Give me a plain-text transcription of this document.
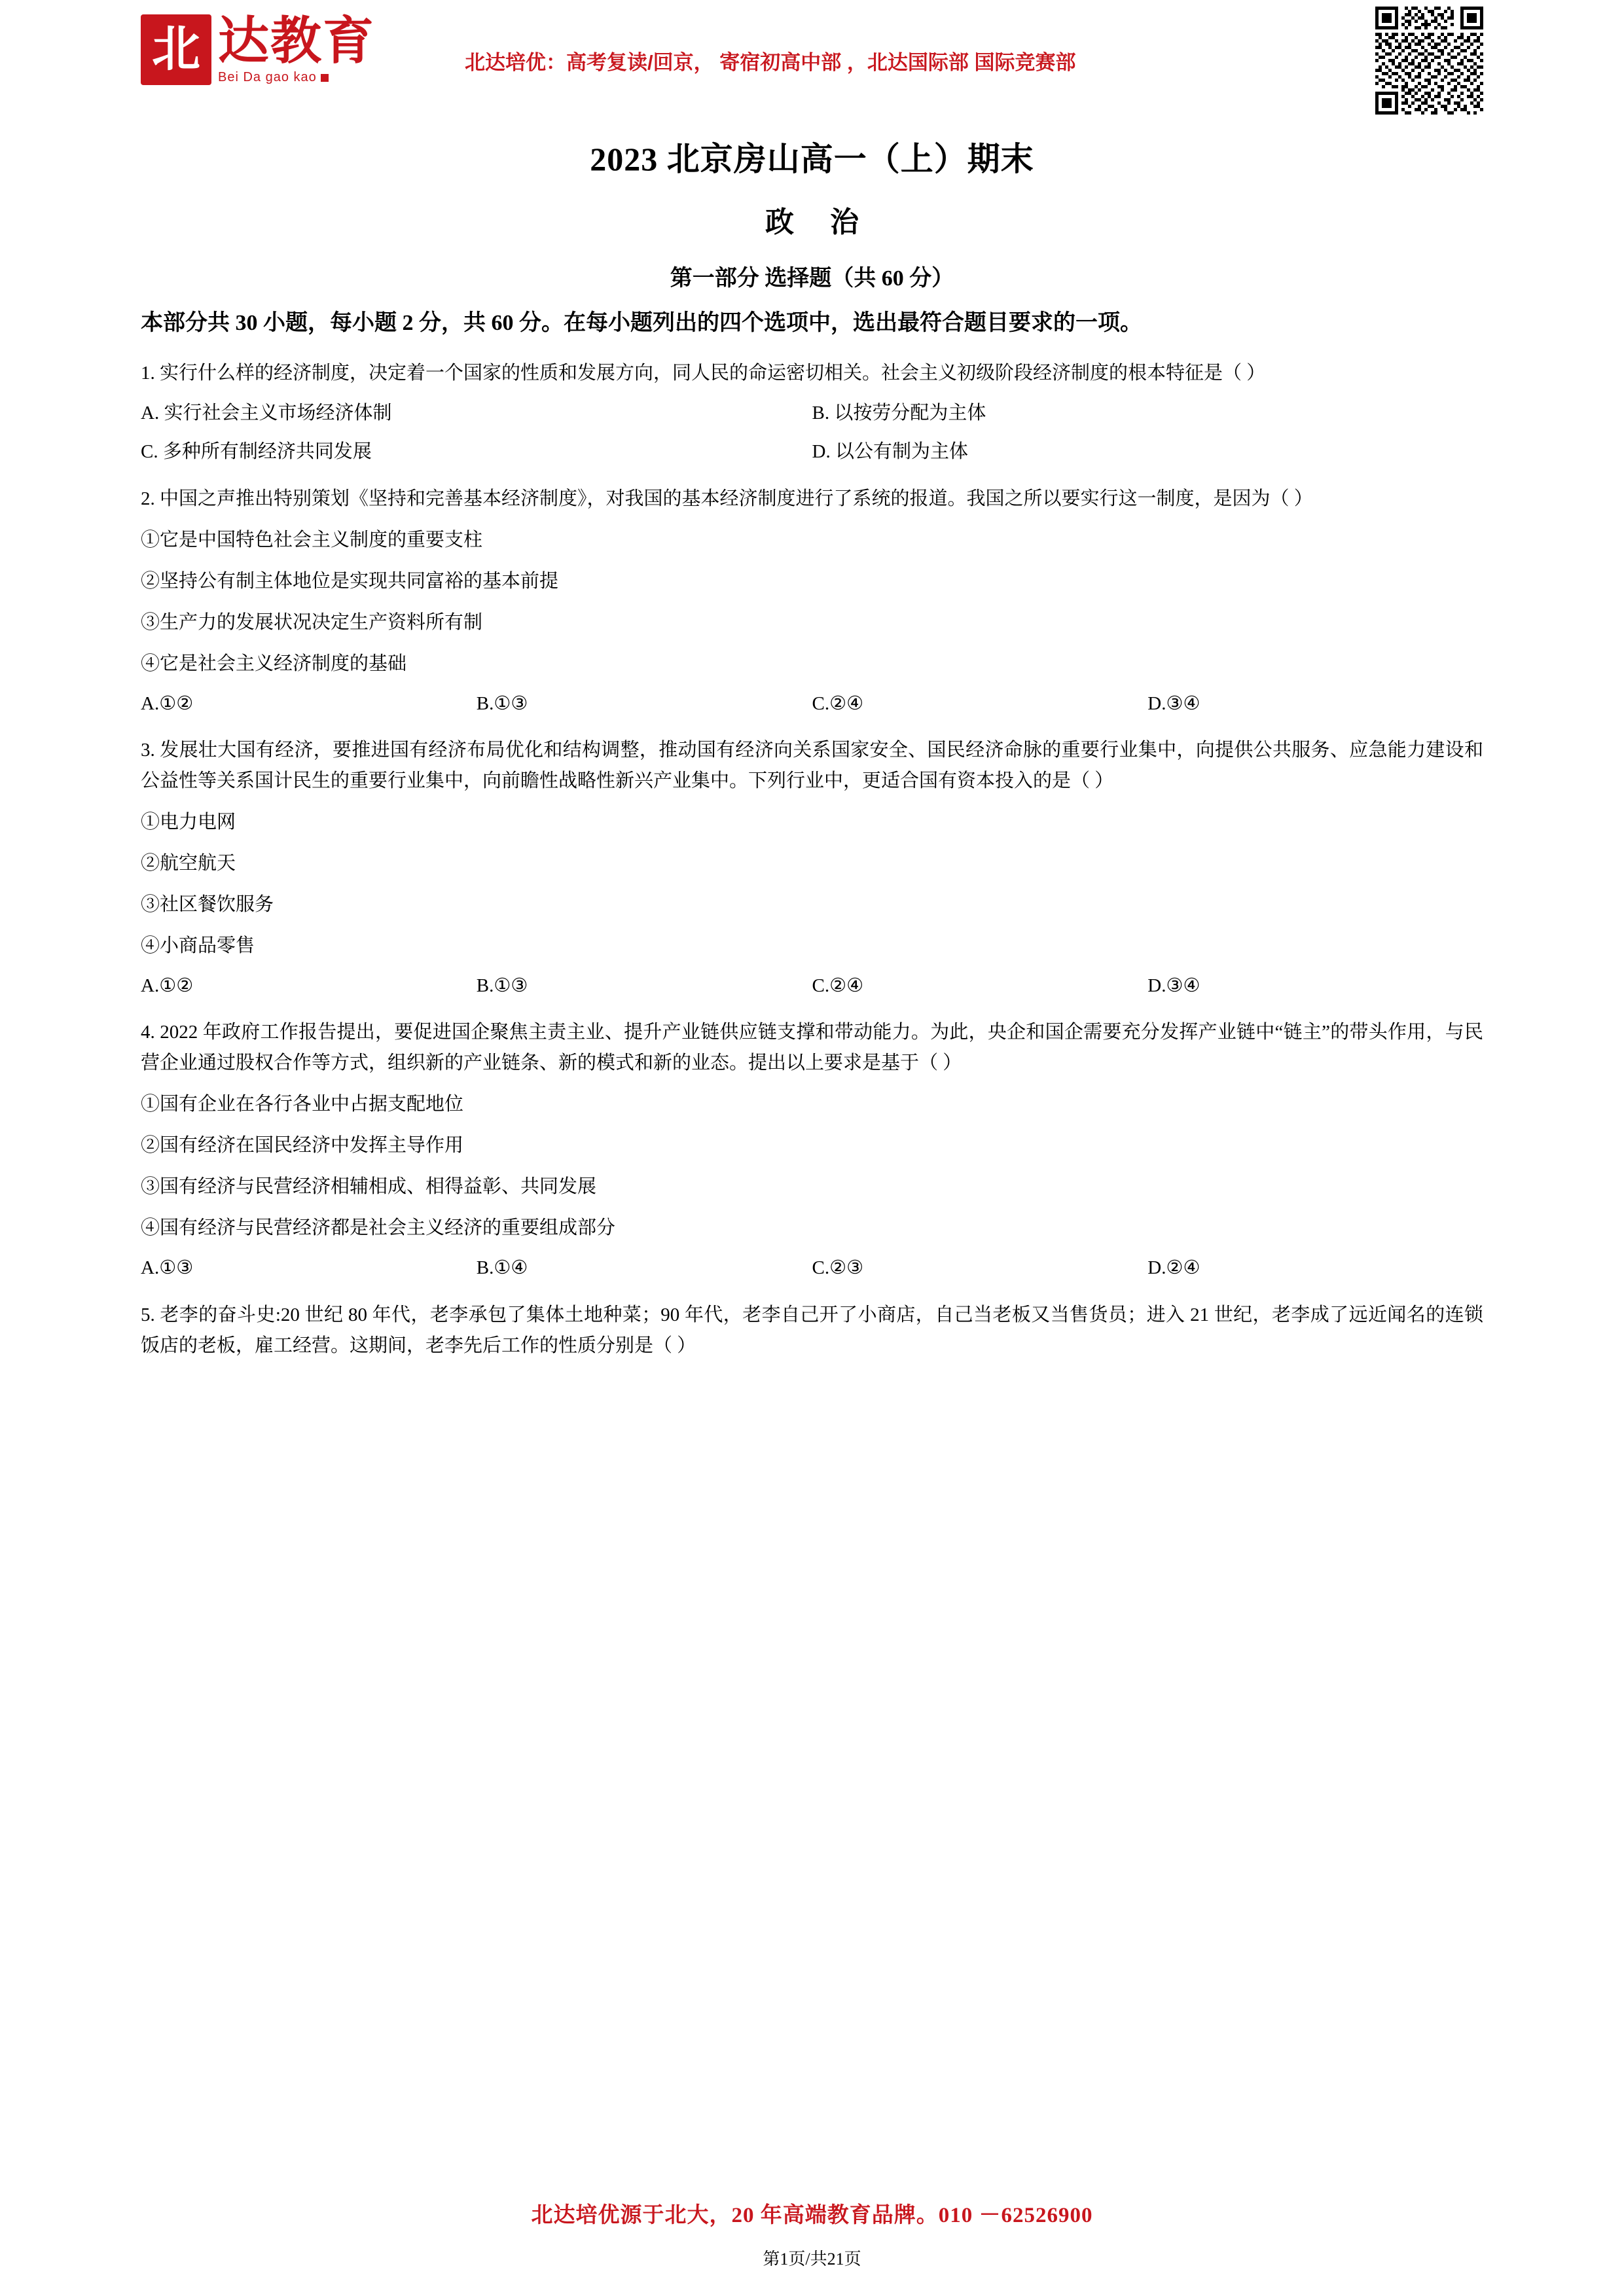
北 达教育
Bei Da gao kao
北达培优：高考复读/回京， 寄宿初高中部 ，北达国际部 国际竞赛部
2023 北京房山高一（上）期末
政 治
第一部分 选择题（共 60 分）
本部分共 30 小题，每小题 2 分，共 60 分。在每小题列出的四个选项中，选出最符合题目要求的一项。
1. 实行什么样的经济制度，决定着一个国家的性质和发展方向，同人民的命运密切相关。社会主义初级阶段经济制度的根本特征是（ ）
A. 实行社会主义市场经济体制	B. 以按劳分配为主体
C. 多种所有制经济共同发展	D. 以公有制为主体
2. 中国之声推出特别策划《坚持和完善基本经济制度》，对我国的基本经济制度进行了系统的报道。我国之所以要实行这一制度，是因为（ ）
①它是中国特色社会主义制度的重要支柱
②坚持公有制主体地位是实现共同富裕的基本前提
③生产力的发展状况决定生产资料所有制
④它是社会主义经济制度的基础
A.①②	B.①③	C.②④	D.③④
3. 发展壮大国有经济，要推进国有经济布局优化和结构调整，推动国有经济向关系国家安全、国民经济命脉的重要行业集中，向提供公共服务、应急能力建设和公益性等关系国计民生的重要行业集中，向前瞻性战略性新兴产业集中。下列行业中，更适合国有资本投入的是（ ）
①电力电网
②航空航天
③社区餐饮服务
④小商品零售
A.①②	B.①③	C.②④	D.③④
4. 2022 年政府工作报告提出，要促进国企聚焦主责主业、提升产业链供应链支撑和带动能力。为此，央企和国企需要充分发挥产业链中“链主”的带头作用，与民营企业通过股权合作等方式，组织新的产业链条、新的模式和新的业态。提出以上要求是基于（ ）
①国有企业在各行各业中占据支配地位
②国有经济在国民经济中发挥主导作用
③国有经济与民营经济相辅相成、相得益彰、共同发展
④国有经济与民营经济都是社会主义经济的重要组成部分
A.①③	B.①④	C.②③	D.②④
5. 老李的奋斗史:20 世纪 80 年代，老李承包了集体土地种菜；90 年代，老李自己开了小商店，自己当老板又当售货员；进入 21 世纪，老李成了远近闻名的连锁饭店的老板，雇工经营。这期间，老李先后工作的性质分别是（ ）
北达培优源于北大，20 年高端教育品牌。010 －62526900
第1页/共21页
